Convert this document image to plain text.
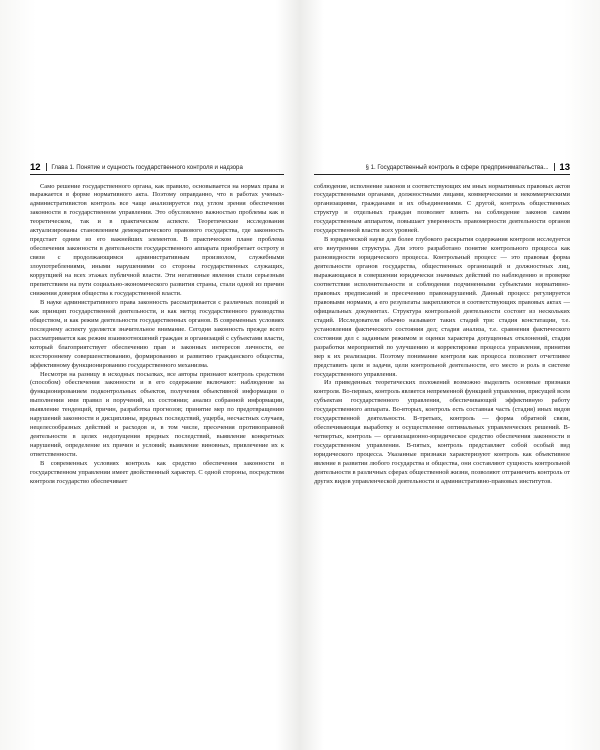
12 Глава 1. Понятие и сущность государственного контроля и надзора

Само решение государственного органа, как правило, основывается на нормах права и выражается в форме нормативного акта. Поэтому оправданно, что в работах ученых-административистов контроль все чаще анализируется под углом зрения обеспечения законности в государственном управлении. Это обусловлено важностью проблемы как в теоретическом, так и в практическом аспекте. Теоретические исследования актуализированы становлением демократического правового государства, где законность предстает одним из его важнейших элементов. В практическом плане проблема обеспечения законности в деятельности государственного аппарата приобретает остроту в связи с продолжающимся административным произволом, служебными злоупотреблениями, иными нарушениями со стороны государственных служащих, коррупцией на всех этажах публичной власти. Эти негативные явления стали серьезным препятствием на пути социально-экономического развития страны, стали одной из причин снижения доверия общества к государственной власти.

В науке административного права законность рассматривается с различных позиций и как принцип государственной деятельности, и как метод государственного руководства обществом, и как режим деятельности государственных органов. В современных условиях последнему аспекту уделяется значительное внимание. Сегодня законность прежде всего рассматривается как режим взаимоотношений граждан и организаций с субъектами власти, который благоприятствует обеспечению прав и законных интересов личности, ее всестороннему совершенствованию, формированию и развитию гражданского общества, эффективному функционированию государственного механизма.

Несмотря на разницу в исходных посылках, все авторы признают контроль средством (способом) обеспечения законности и в его содержание включают: наблюдение за функционированием подконтрольных объектов, получения объективной информации о выполнении ими правил и поручений, их состоянии; анализ собранной информации, выявление тенденций, причин, разработка прогнозов; принятие мер по предотвращению нарушений законности и дисциплины, вредных последствий, ущерба, несчастных случаев, нецелесообразных действий и расходов и, в том числе, пресечения противоправной деятельности в целях недопущения вредных последствий, выявление конкретных нарушений, определение их причин и условий; выявление виновных, привлечение их к ответственности.

В современных условиях контроль как средство обеспечения законности в государственном управлении имеет двойственный характер. С одной стороны, посредством контроля государство обеспечивает

§ 1. Государственный контроль в сфере предпринимательства... 13

соблюдение, исполнение законов и соответствующих им иных нормативных правовых актов государственными органами, должностными лицами, коммерческими и некоммерческими организациями, гражданами и их объединениями. С другой, контроль общественных структур и отдельных граждан позволяет влиять на соблюдение законов самим государственным аппаратом, повышает уверенность правомерности деятельности органов государственной власти всех уровней.

В юридической науке для более глубокого раскрытия содержания контроля исследуется его внутренняя структура. Для этого разработано понятие контрольного процесса как разновидности юридического процесса. Контрольный процесс — это правовая форма деятельности органов государства, общественных организаций и должностных лиц, выражающаяся в совершении юридически значимых действий по наблюдению и проверке соответствия исполнительности и соблюдения подчиненными субъектами нормативно-правовых предписаний и пресечению правонарушений. Данный процесс регулируется правовыми нормами, а его результаты закрепляются в соответствующих правовых актах — официальных документах. Структура контрольной деятельности состоит из нескольких стадий. Исследователи обычно называют таких стадий три: стадия констатации, т.е. установления фактического состояния дел; стадия анализа, т.е. сравнения фактического состояния дел с заданным режимом и оценки характера допущенных отклонений, стадия разработки мероприятий по улучшению и корректировке процесса управления, принятия мер к их реализации. Поэтому понимание контроля как процесса позволяет отчетливее представить цели и задачи, цели контрольной деятельности, его место и роль в системе государственного управления.

Из приведенных теоретических положений возможно выделить основные признаки контроля. Во-первых, контроль является непременной функцией управления, присущей всем субъектам государственного управления, обеспечивающей эффективную работу государственного аппарата. Во-вторых, контроль есть составная часть (стадия) иных видов государственной деятельности. В-третьих, контроль — форма обратной связи, обеспечивающая выработку и осуществление оптимальных управленческих решений. В-четвертых, контроль — организационно-юридическое средство обеспечения законности в государственном управлении. В-пятых, контроль представляет собой особый вид юридического процесса. Указанные признаки характеризуют контроль как объективное явление в развитии любого государства и общества, они составляют сущность контрольной деятельности в различных сферах общественной жизни, позволяют отграничить контроль от других видов управленческой деятельности и административно-правовых институтов.
